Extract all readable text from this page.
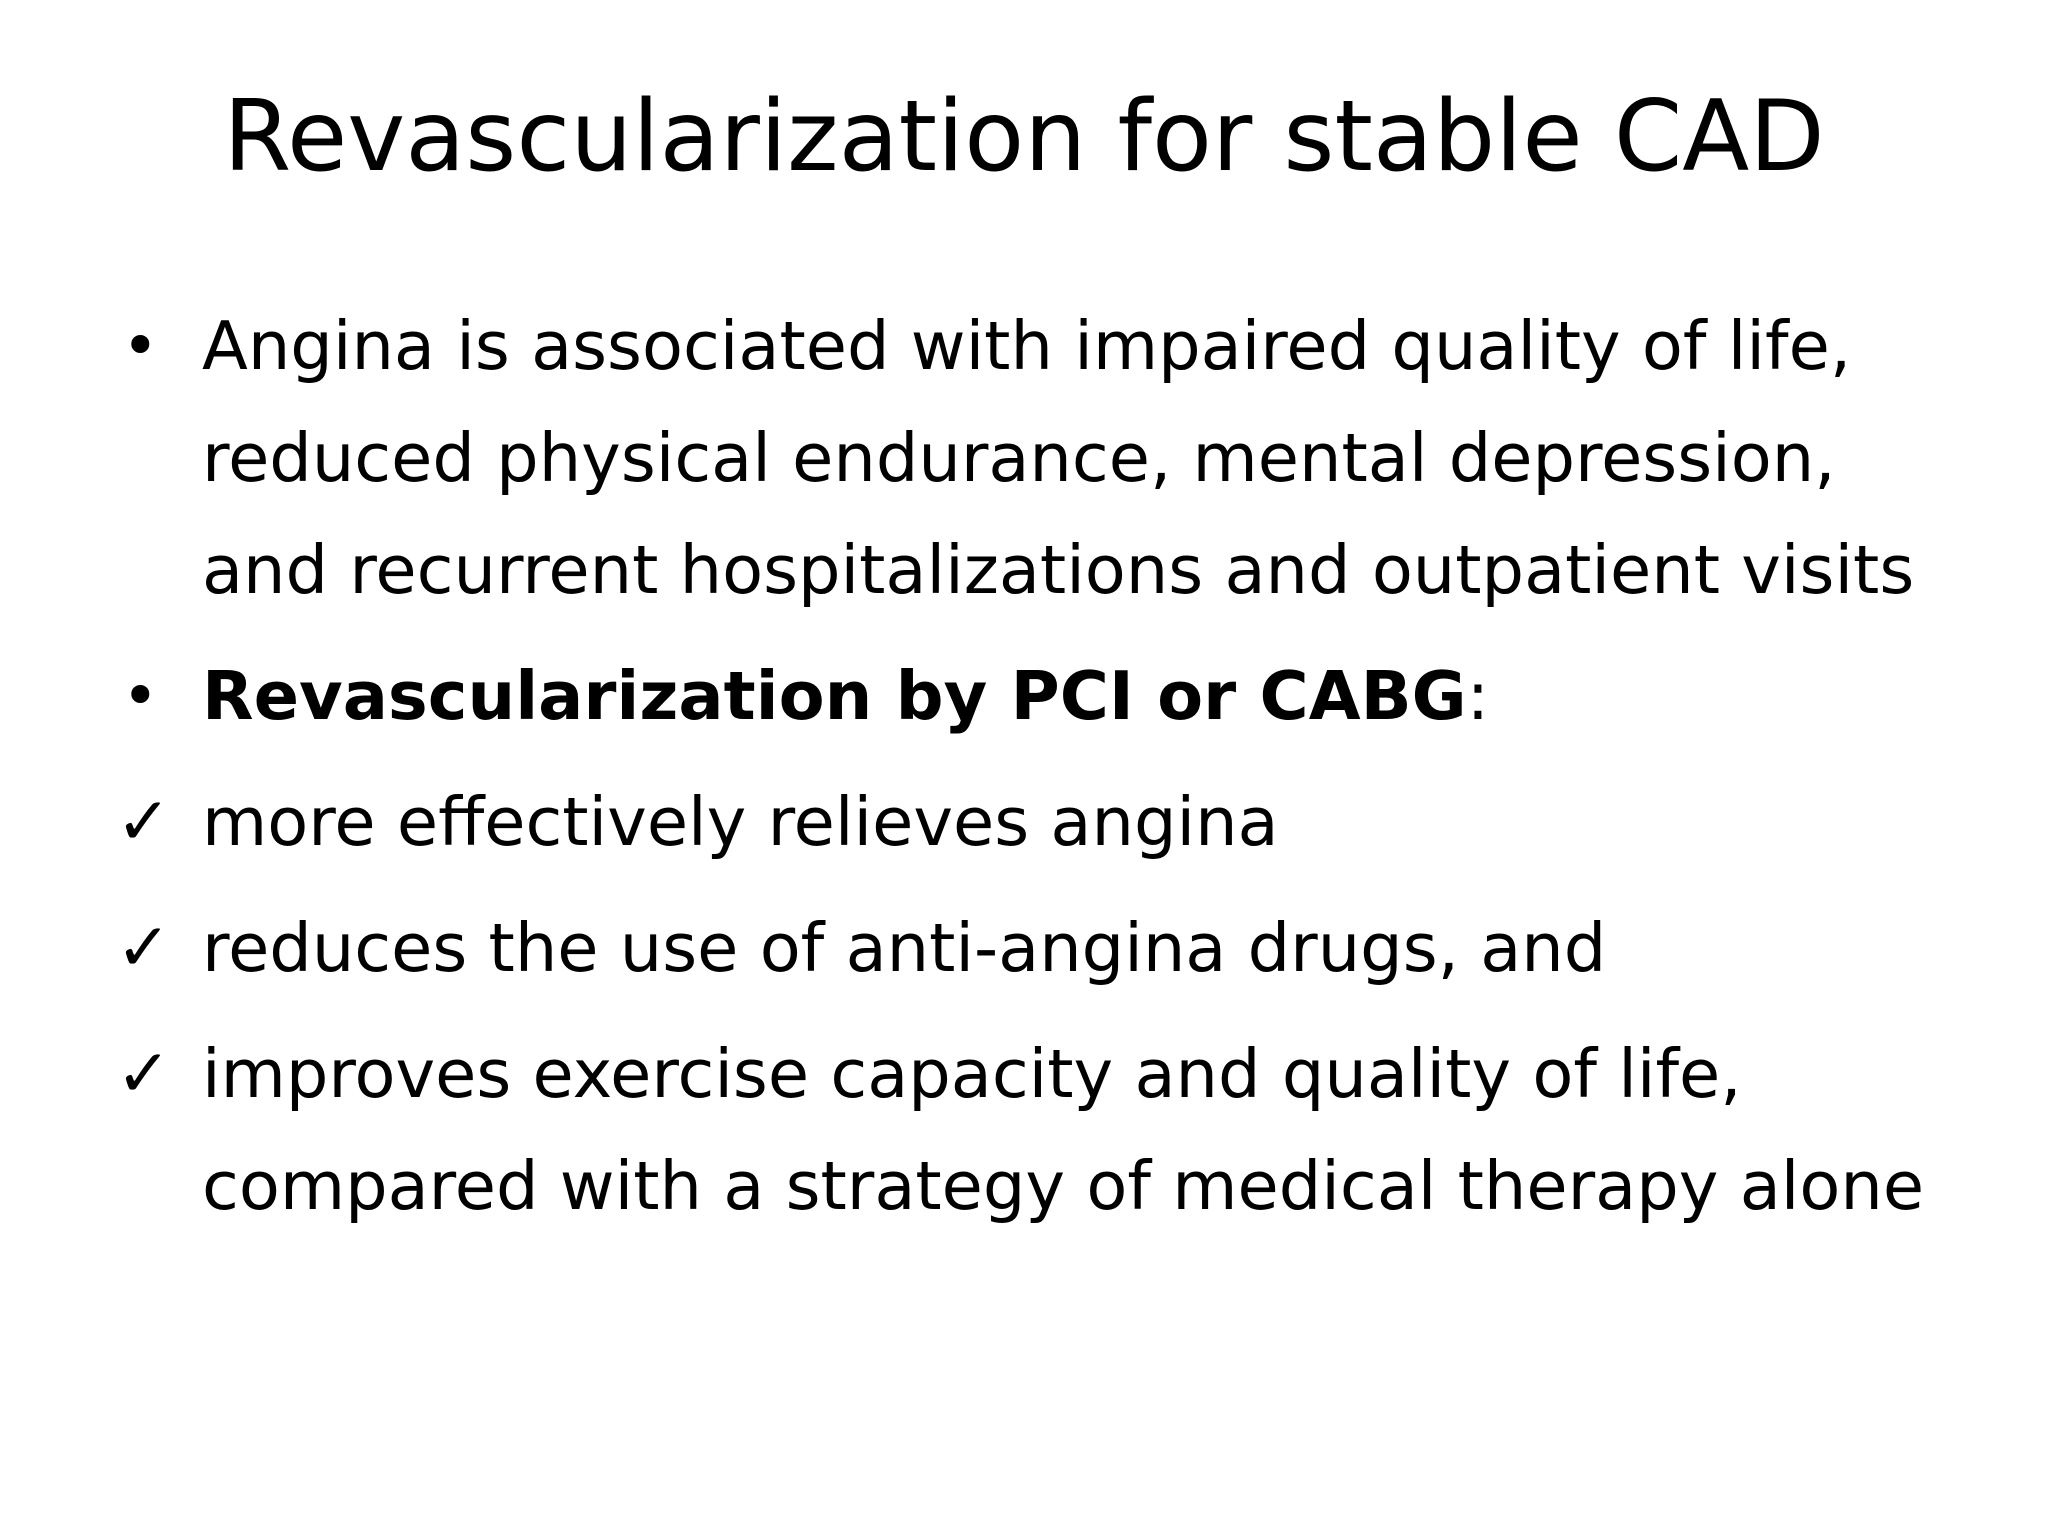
Revascularization for stable CAD
• Angina is associated with impaired quality of life, reduced physical endurance, mental depression, and recurrent hospitalizations and outpatient visits
• Revascularization by PCI or CABG:
✓ more effectively relieves angina
✓ reduces the use of anti-angina drugs, and
✓ improves exercise capacity and quality of life, compared with a strategy of medical therapy alone
